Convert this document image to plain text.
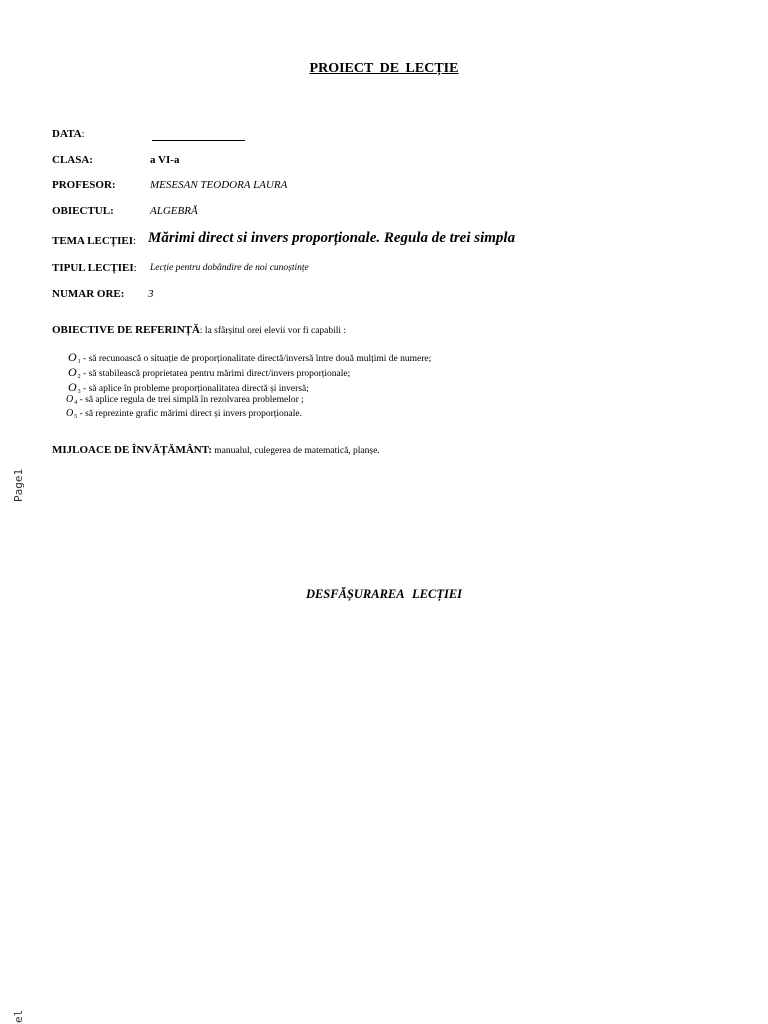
PROIECT DE LECȚIE
DATA:
CLASA:	a VI-a
PROFESOR:	MESESAN TEODORA LAURA
OBIECTUL:	ALGEBRĂ
TEMA LECȚIEI: Mărimi direct si invers proporționale. Regula de trei simpla
TIPUL LECȚIEI: Lecție pentru dobândire de noi cunoștințe
NUMAR ORE: 3
OBIECTIVE DE REFERINȚĂ: la sfârșitul orei elevii vor fi capabili :
$O_1$ - să recunoască o situație de proporționalitate directă/inversă între două mulțimi de numere;
$O_2$ - să stabilească proprietatea pentru mărimi direct/invers proporționale;
$O_3$ - să aplice în probleme proporționalitatea directă și inversă;
$O_4$ - să aplice regula de trei simplă în rezolvarea problemelor ;
$O_5$ - să reprezinte grafic mărimi direct și invers proporționale.
MIJLOACE DE ÎNVĂȚĂMÂNT: manualul, culegerea de matematică, planșe.
DESFĂȘURAREA LECȚIEI
Page1
el
